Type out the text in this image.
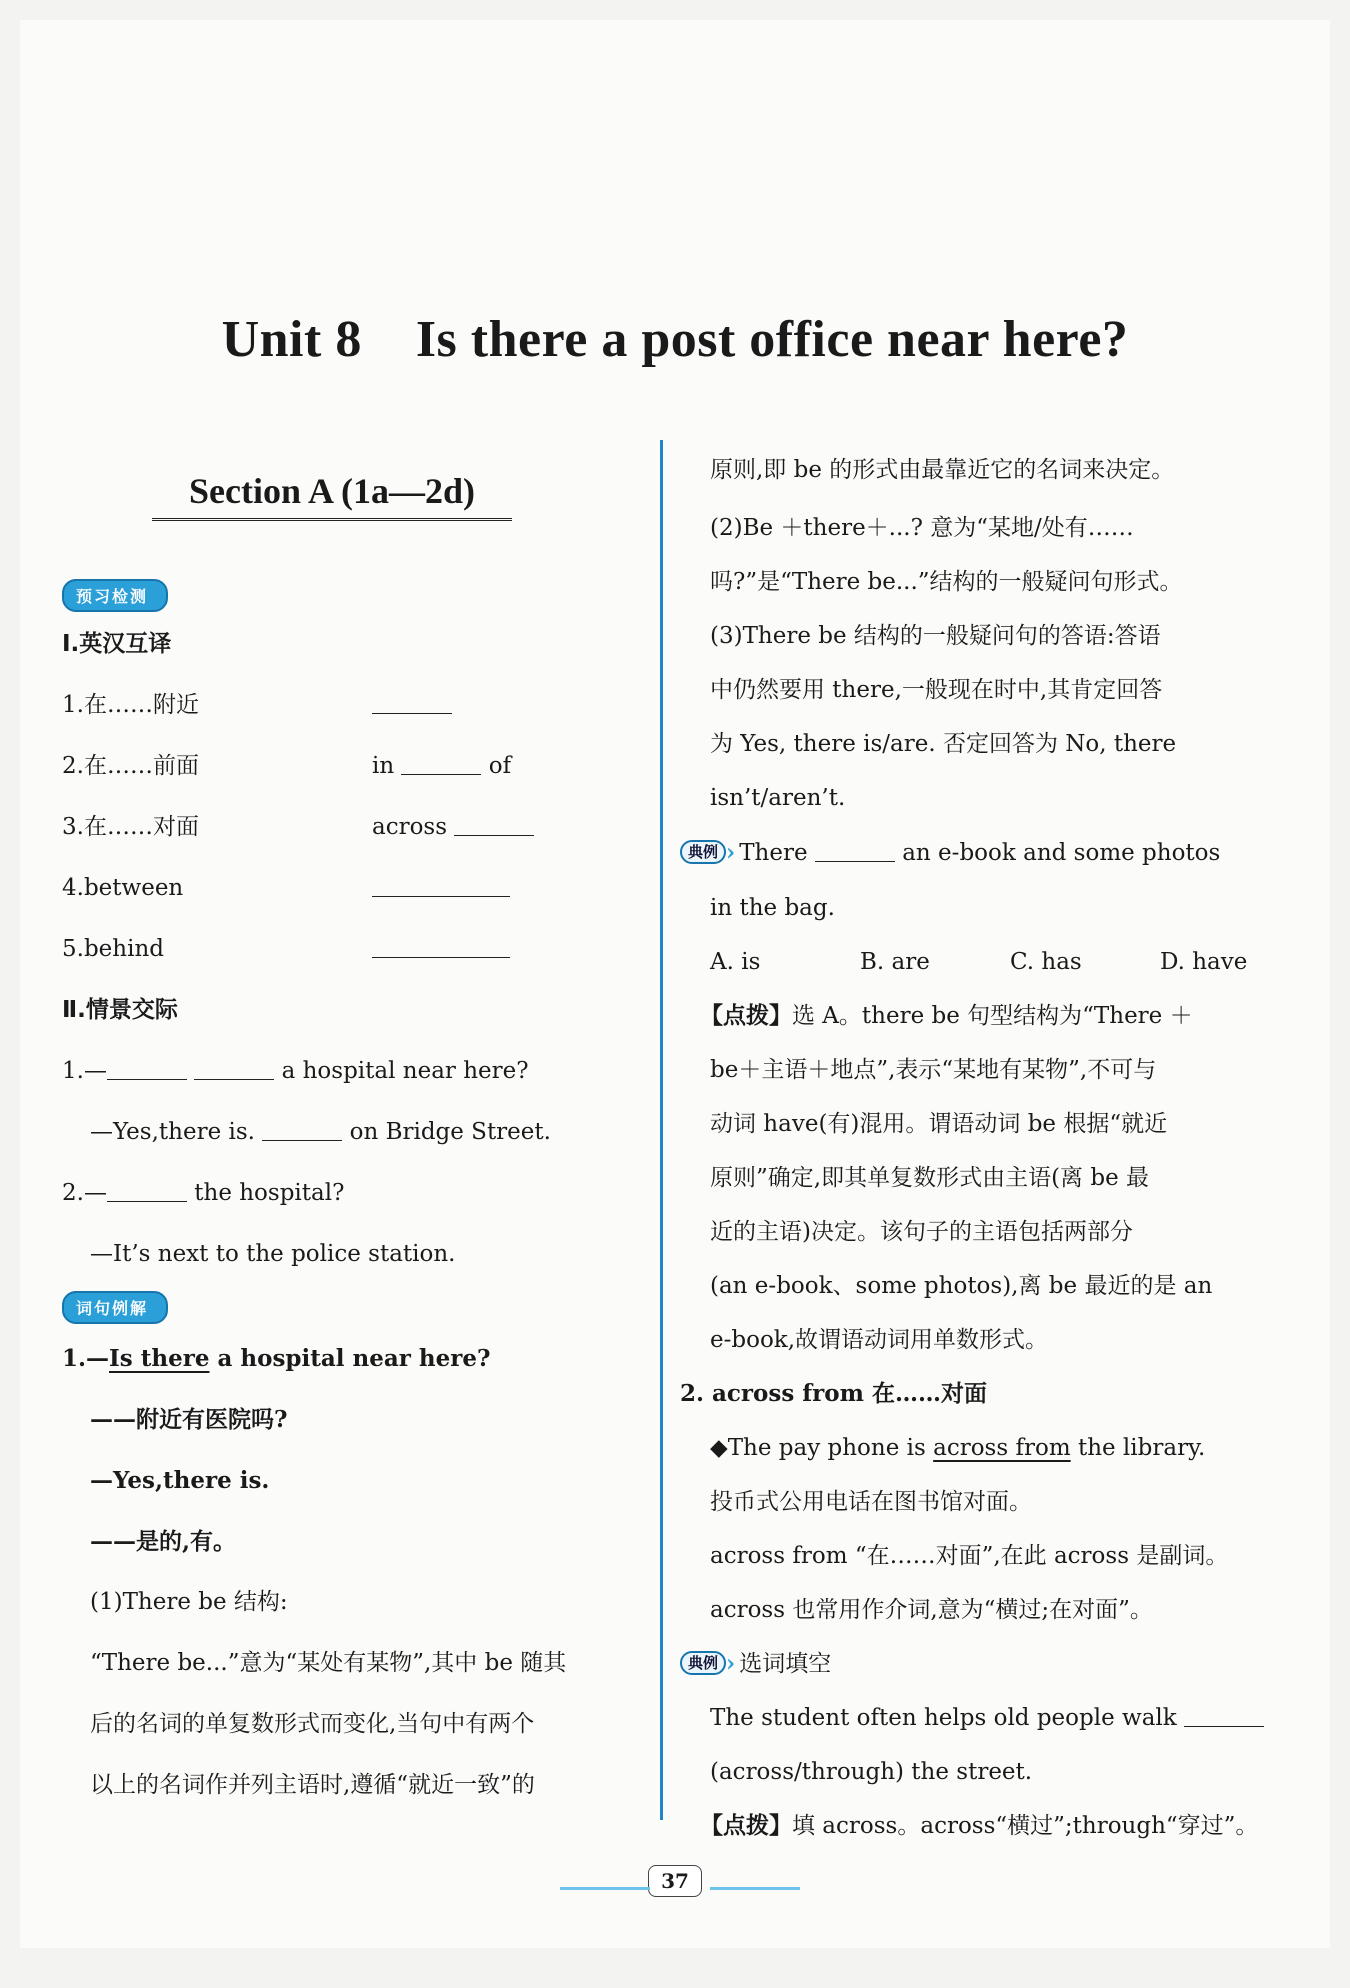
Unit 8    Is there a post office near here?
Section A (1a—2d)
预习检测
Ⅰ.英汉互译
1.在……附近
2.在……前面	in	of
3.在……对面	across
4.between
5.behind
Ⅱ.情景交际
1.—	a hospital near here?
—Yes,there is.	on Bridge Street.
2.—	the hospital?
—It’s next to the police station.
词句例解
1.—Is there a hospital near here?
——附近有医院吗?
—Yes,there is.
——是的,有。
(1)There be 结构:
“There be...”意为“某处有某物”,其中 be 随其
后的名词的单复数形式而变化,当句中有两个
以上的名词作并列主语时,遵循“就近一致”的
原则,即 be 的形式由最靠近它的名词来决定。
(2)Be ＋there＋...? 意为“某地/处有……
吗?”是“There be...”结构的一般疑问句形式。
(3)There be 结构的一般疑问句的答语:答语
中仍然要用 there,一般现在时中,其肯定回答
为 Yes, there is/are. 否定回答为 No, there
isn’t/aren’t.
典例 › There	an e-book and some photos
in the bag.
A. is	B. are	C. has	D. have
【点拨】选 A。there be 句型结构为“There ＋
be＋主语＋地点”,表示“某地有某物”,不可与
动词 have(有)混用。谓语动词 be 根据“就近
原则”确定,即其单复数形式由主语(离 be 最
近的主语)决定。该句子的主语包括两部分
(an e-book、some photos),离 be 最近的是 an
e-book,故谓语动词用单数形式。
2. across from 在……对面
◆The pay phone is across from the library.
投币式公用电话在图书馆对面。
across from “在……对面”,在此 across 是副词。
across 也常用作介词,意为“横过;在对面”。
典例 › 选词填空
The student often helps old people walk
(across/through) the street.
【点拨】填 across。across“横过”;through“穿过”。
37
